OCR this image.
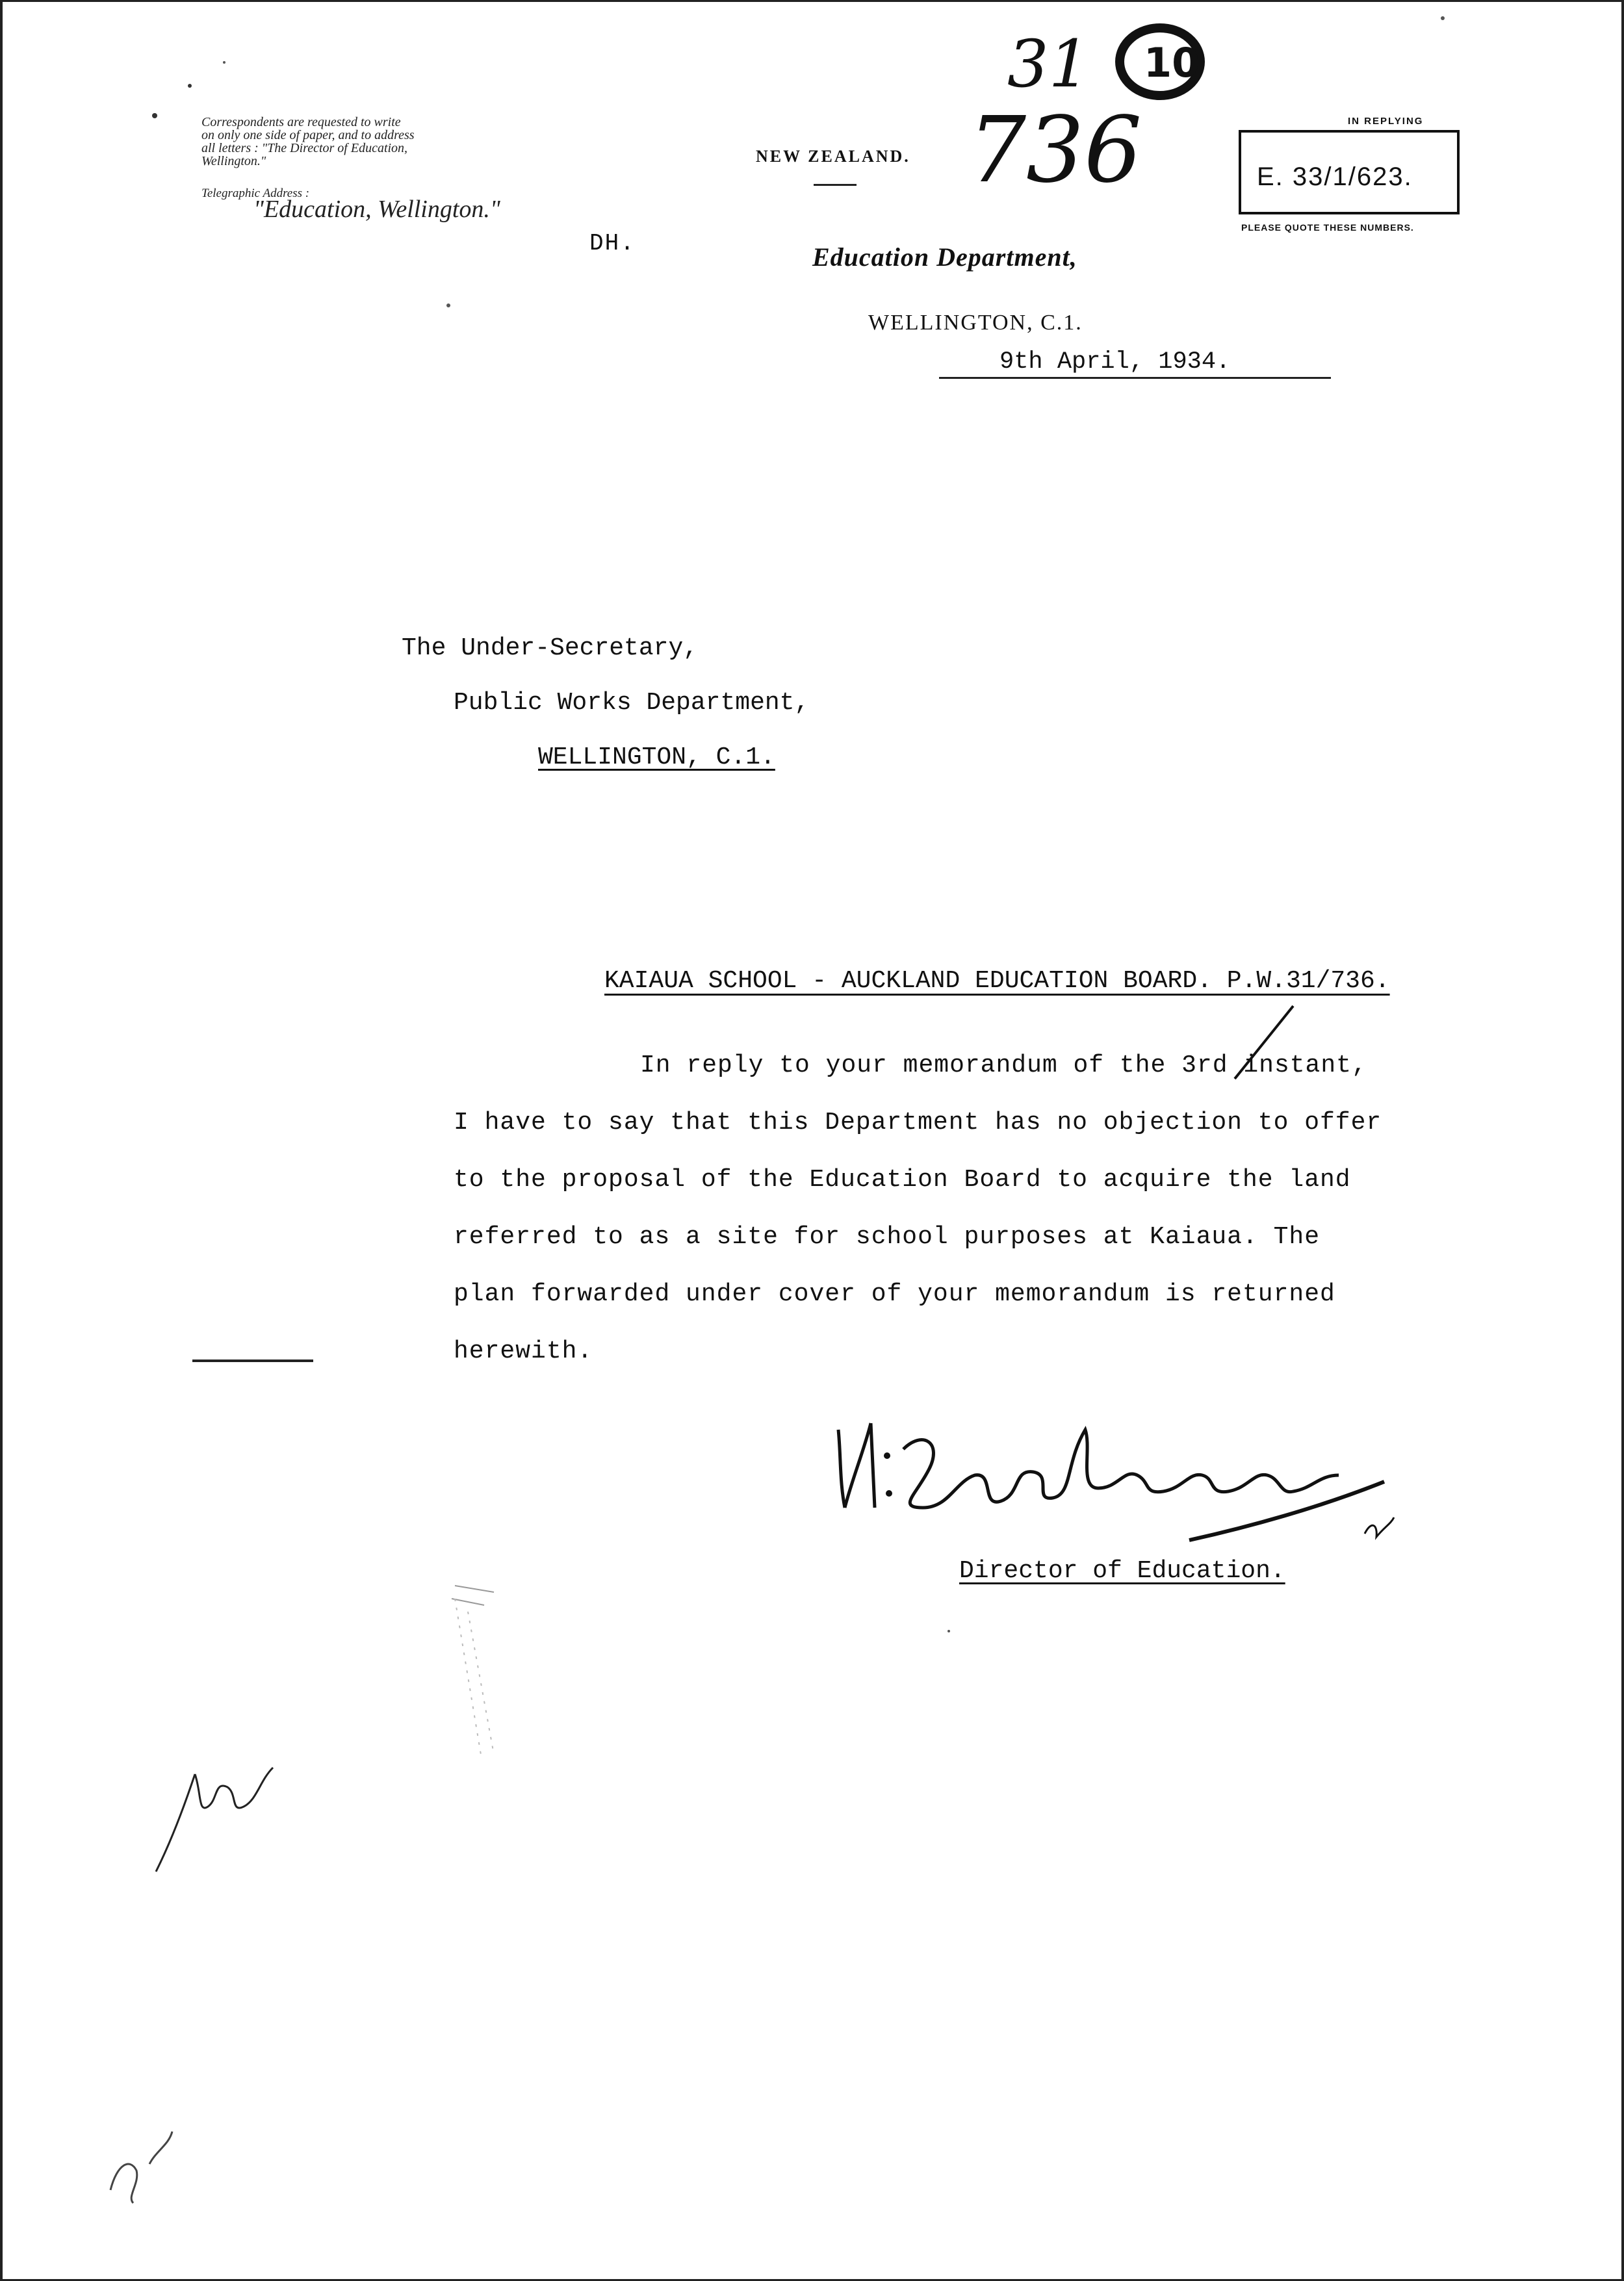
Correspondents are requested to write
on only one side of paper, and to address
all letters : "The Director of Education,
Wellington."
Telegraphic Address :
"Education, Wellington."
NEW ZEALAND.
DH.	Education Department,
WELLINGTON, C.1.
9th April, 1934.
IN REPLYING
E. 33/1/623.
PLEASE QUOTE THESE NUMBERS.
31
736
10
The Under-Secretary,
Public Works Department,
WELLINGTON, C.1.
KAIAUA SCHOOL - AUCKLAND EDUCATION BOARD. P.W.31/736.
In reply to your memorandum of the 3rd instant,
I have to say that this Department has no objection to offer
to the proposal of the Education Board to acquire the land
referred to as a site for school purposes at Kaiaua. The
plan forwarded under cover of your memorandum is returned
herewith.
Director of Education.
